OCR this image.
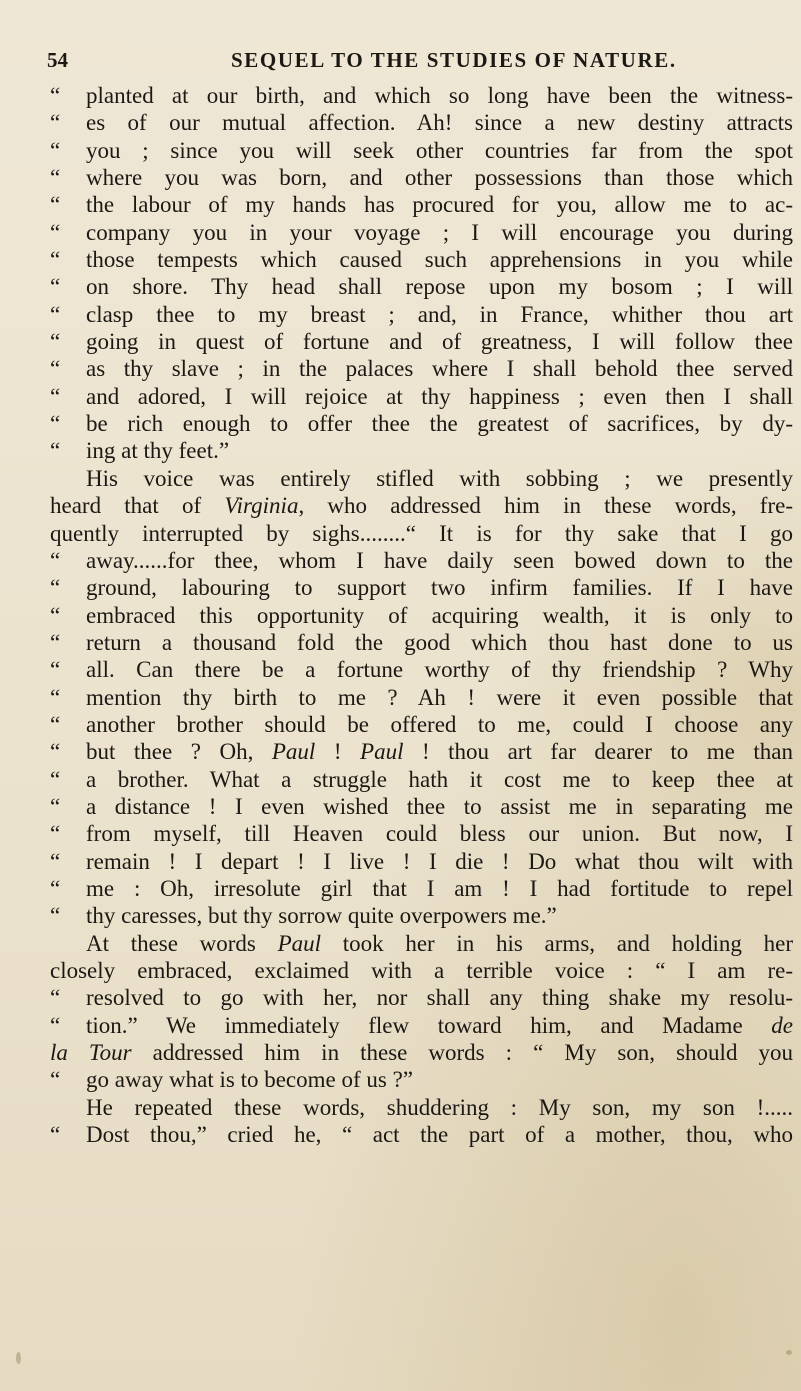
54	SEQUEL TO THE STUDIES OF NATURE.
“	planted at our birth, and which so long have been the witness-
“	es of our mutual affection. Ah! since a new destiny attracts
“	you ; since you will seek other countries far from the spot
“	where you was born, and other possessions than those which
“	the labour of my hands has procured for you, allow me to ac-
“	company you in your voyage ; I will encourage you during
“	those tempests which caused such apprehensions in you while
“	on shore. Thy head shall repose upon my bosom ; I will
“	clasp thee to my breast ; and, in France, whither thou art
“	going in quest of fortune and of greatness, I will follow thee
“	as thy slave ; in the palaces where I shall behold thee served
“	and adored, I will rejoice at thy happiness ; even then I shall
“	be rich enough to offer thee the greatest of sacrifices, by dy-
“	ing at thy feet.”
His voice was entirely stifled with sobbing ; we presently
heard that of Virginia, who addressed him in these words, fre-
quently interrupted by sighs........“ It is for thy sake that I go
“	away......for thee, whom I have daily seen bowed down to the
“	ground, labouring to support two infirm families. If I have
“	embraced this opportunity of acquiring wealth, it is only to
“	return a thousand fold the good which thou hast done to us
“	all. Can there be a fortune worthy of thy friendship ? Why
“	mention thy birth to me ? Ah ! were it even possible that
“	another brother should be offered to me, could I choose any
“	but thee ? Oh, Paul ! Paul ! thou art far dearer to me than
“	a brother. What a struggle hath it cost me to keep thee at
“	a distance ! I even wished thee to assist me in separating me
“	from myself, till Heaven could bless our union. But now, I
“	remain ! I depart ! I live ! I die ! Do what thou wilt with
“	me : Oh, irresolute girl that I am ! I had fortitude to repel
“	thy caresses, but thy sorrow quite overpowers me.”
At these words Paul took her in his arms, and holding her
closely embraced, exclaimed with a terrible voice : “ I am re-
“	resolved to go with her, nor shall any thing shake my resolu-
“	tion.” We immediately flew toward him, and Madame de
la Tour addressed him in these words : “ My son, should you
“	go away what is to become of us ?”
He repeated these words, shuddering : My son, my son !.....
“	Dost thou,” cried he, “ act the part of a mother, thou, who
